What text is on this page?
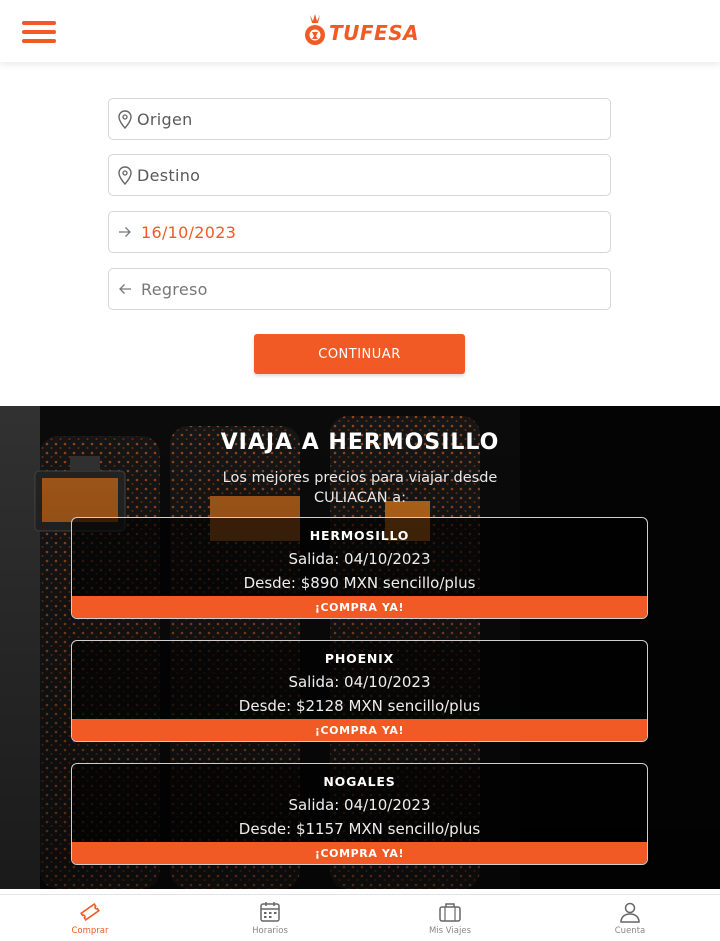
TUFESA
Origen
Destino
16/10/2023
Regreso
CONTINUAR
VIAJA A HERMOSILLO
Los mejores precios para viajar desde CULIACAN a:
HERMOSILLO
Salida: 04/10/2023
Desde: $890 MXN sencillo/plus
¡COMPRA YA!
PHOENIX
Salida: 04/10/2023
Desde: $2128 MXN sencillo/plus
¡COMPRA YA!
NOGALES
Salida: 04/10/2023
Desde: $1157 MXN sencillo/plus
¡COMPRA YA!
Comprar	Horarios	Mis Viajes	Cuenta
